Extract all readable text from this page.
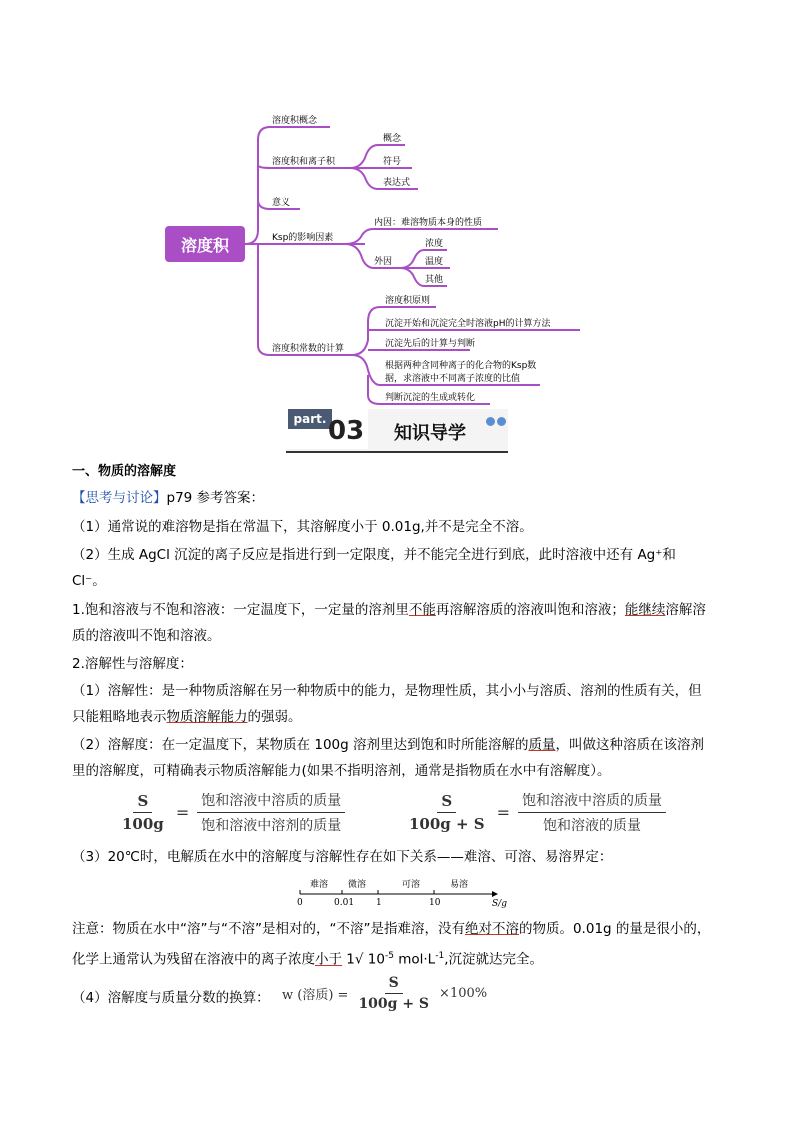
溶度积概念
溶度积和离子积
概念
符号
表达式
意义
Ksp的影响因素
内因：难溶物质本身的性质
外因
浓度
温度
其他
溶度积常数的计算
溶度积原则
沉淀开始和沉淀完全时溶液pH的计算方法
沉淀先后的计算与判断
根据两种含同种离子的化合物的Ksp数
据，求溶液中不同离子浓度的比值
判断沉淀的生成或转化
溶度积
part. 03 知识导学
一、物质的溶解度
【思考与讨论】p79 参考答案：
（1）通常说的难溶物是指在常温下，其溶解度小于 0.01g,并不是完全不溶。
（2）生成 AgCl 沉淀的离子反应是指进行到一定限度，并不能完全进行到底，此时溶液中还有 Ag⁺和
Cl⁻。
1.饱和溶液与不饱和溶液：一定温度下，一定量的溶剂里不能再溶解溶质的溶液叫饱和溶液；能继续溶解溶
质的溶液叫不饱和溶液。
2.溶解性与溶解度：
（1）溶解性：是一种物质溶解在另一种物质中的能力，是物理性质，其小小与溶质、溶剂的性质有关，但
只能粗略地表示物质溶解能力的强弱。
（2）溶解度：在一定温度下，某物质在 100g 溶剂里达到饱和时所能溶解的质量，叫做这种溶质在该溶剂
里的溶解度，可精确表示物质溶解能力(如果不指明溶剂，通常是指物质在水中有溶解度）。
$\frac{S}{100g}$ =
饱和溶液中溶质的质量
饱和溶液中溶剂的质量	$\frac{S}{100g + S}$ =
饱和溶液中溶质的质量
饱和溶液的质量
（3）20℃时，电解质在水中的溶解度与溶解性存在如下关系——难溶、可溶、易溶界定：
难溶 微溶	可溶	易溶
0	0.01 1	10	S/g
注意：物质在水中“溶”与“不溶”是相对的，“不溶”是指难溶，没有绝对不溶的物质。0.01g 的量是很小的，
化学上通常认为残留在溶液中的离子浓度小于 1√ $10^{-5}$ $mol\cdot L^{-1}$,沉淀就达完全。
（4）溶解度与质量分数的换算： w (溶质) = $\frac{S}{100g + S} \times 100\%$
